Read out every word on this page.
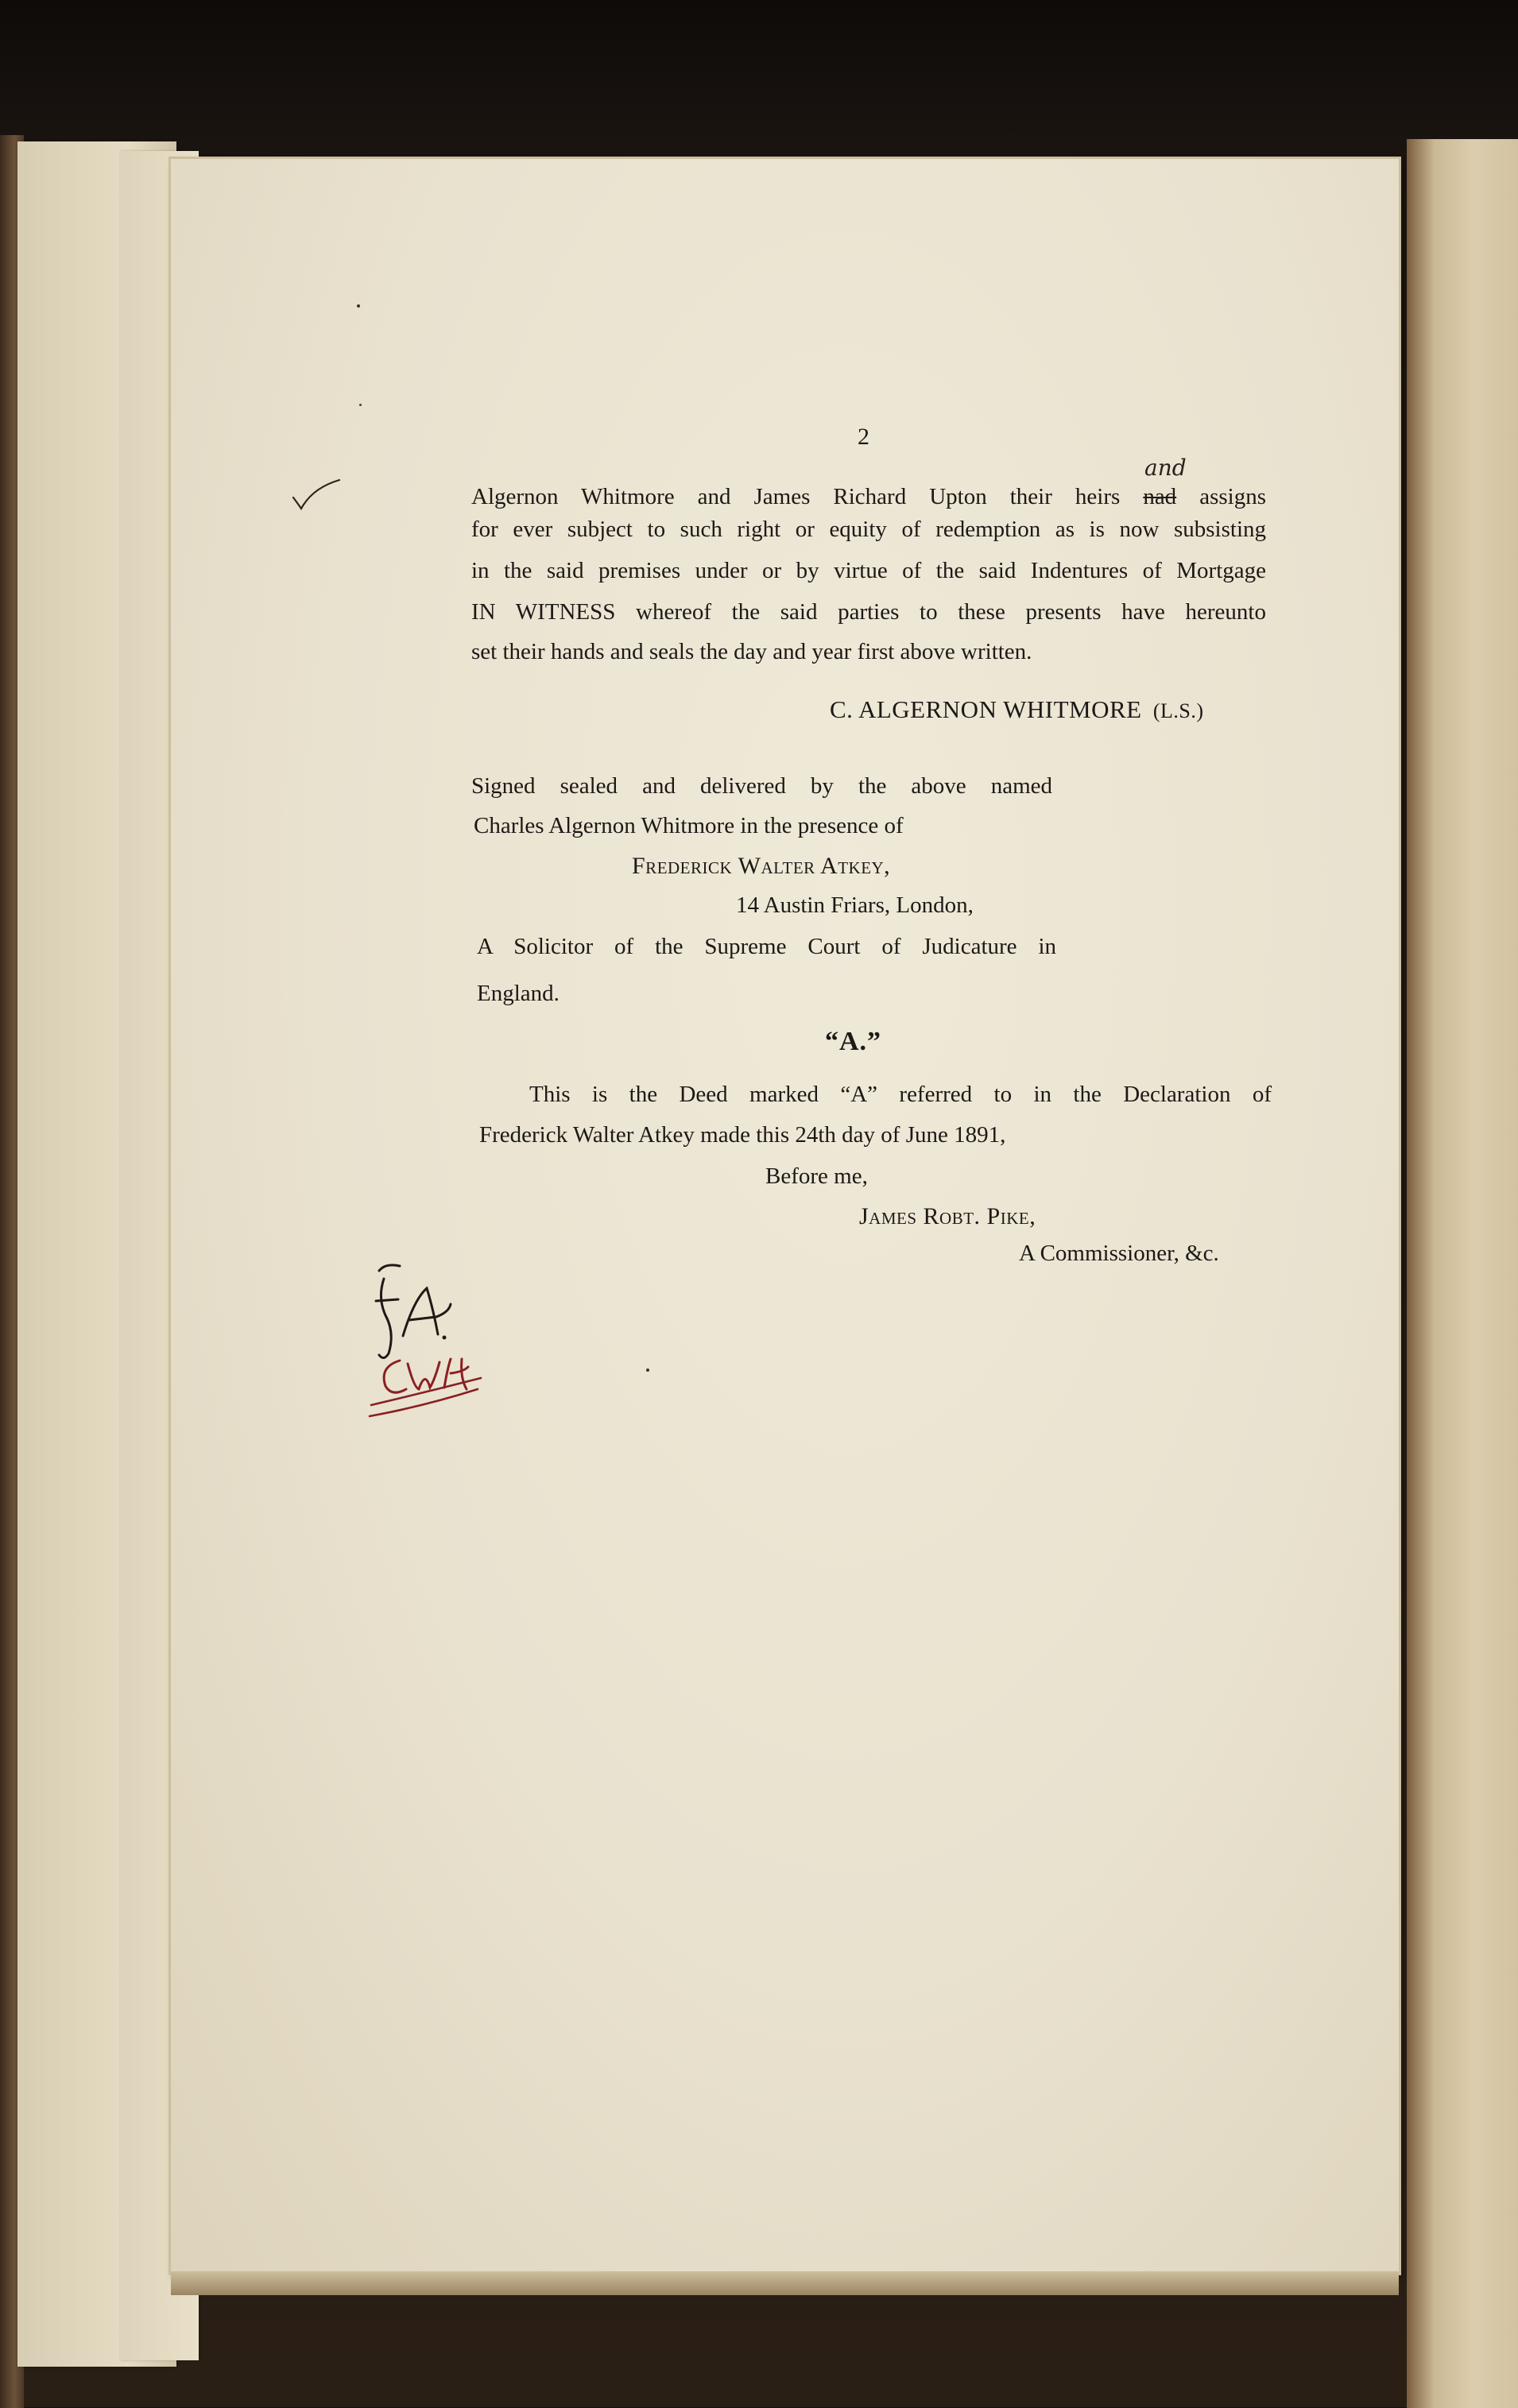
2
Algernon Whitmore and James Richard Upton their heirs nad assigns
and
for ever subject to such right or equity of redemption as is now subsisting
in the said premises under or by virtue of the said Indentures of Mortgage
IN WITNESS whereof the said parties to these presents have hereunto
set their hands and seals the day and year first above written.
C. ALGERNON WHITMORE (L.S.)
Signed sealed and delivered by the above named
Charles Algernon Whitmore in the presence of
Frederick Walter Atkey,
14 Austin Friars, London,
A Solicitor of the Supreme Court of Judicature in
England.
“A.”
This is the Deed marked “A” referred to in the Declaration of
Frederick Walter Atkey made this 24th day of June 1891,
Before me,
James Robt. Pike,
A Commissioner, &c.
